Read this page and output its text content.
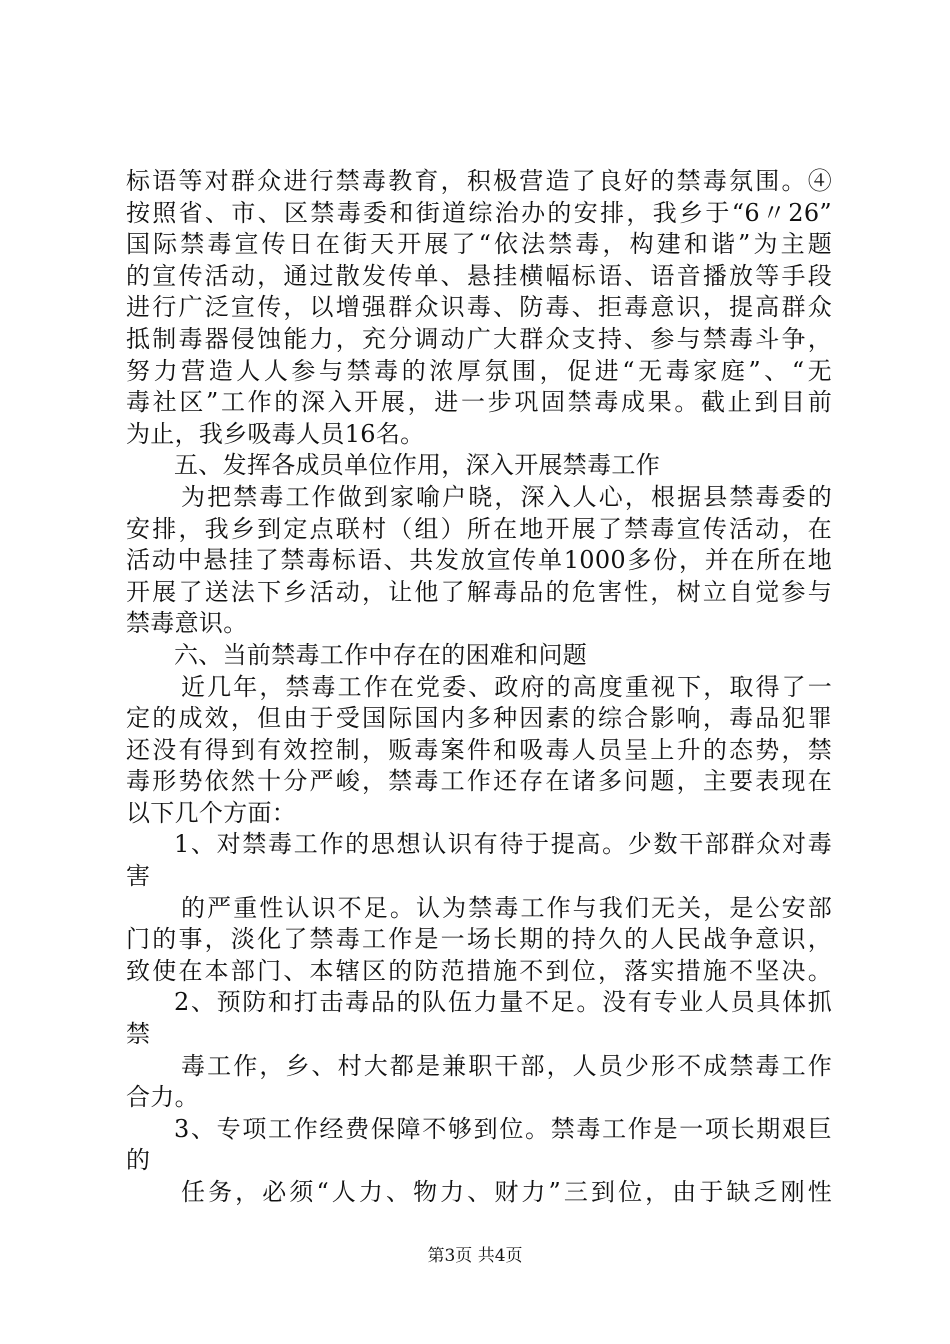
标语等对群众进行禁毒教育，积极营造了良好的禁毒氛围。④
按照省、市、区禁毒委和街道综治办的安排，我乡于“6〃26”
国际禁毒宣传日在街天开展了“依法禁毒，构建和谐”为主题
的宣传活动，通过散发传单、悬挂横幅标语、语音播放等手段
进行广泛宣传，以增强群众识毒、防毒、拒毒意识，提高群众
抵制毒器侵蚀能力，充分调动广大群众支持、参与禁毒斗争，
努力营造人人参与禁毒的浓厚氛围，促进“无毒家庭”、“无
毒社区”工作的深入开展，进一步巩固禁毒成果。截止到目前
为止，我乡吸毒人员16名。
五、发挥各成员单位作用，深入开展禁毒工作
为把禁毒工作做到家喻户晓，深入人心，根据县禁毒委的
安排，我乡到定点联村（组）所在地开展了禁毒宣传活动，在
活动中悬挂了禁毒标语、共发放宣传单1000多份，并在所在地
开展了送法下乡活动，让他了解毒品的危害性，树立自觉参与
禁毒意识。
六、当前禁毒工作中存在的困难和问题
近几年，禁毒工作在党委、政府的高度重视下，取得了一
定的成效，但由于受国际国内多种因素的综合影响，毒品犯罪
还没有得到有效控制，贩毒案件和吸毒人员呈上升的态势，禁
毒形势依然十分严峻，禁毒工作还存在诸多问题，主要表现在
以下几个方面：
1、对禁毒工作的思想认识有待于提高。少数干部群众对毒
害
的严重性认识不足。认为禁毒工作与我们无关，是公安部
门的事，淡化了禁毒工作是一场长期的持久的人民战争意识，
致使在本部门、本辖区的防范措施不到位，落实措施不坚决。
2、预防和打击毒品的队伍力量不足。没有专业人员具体抓
禁
毒工作，乡、村大都是兼职干部，人员少形不成禁毒工作
合力。
3、专项工作经费保障不够到位。禁毒工作是一项长期艰巨
的
任务，必须“人力、物力、财力”三到位，由于缺乏刚性
第3页 共4页
